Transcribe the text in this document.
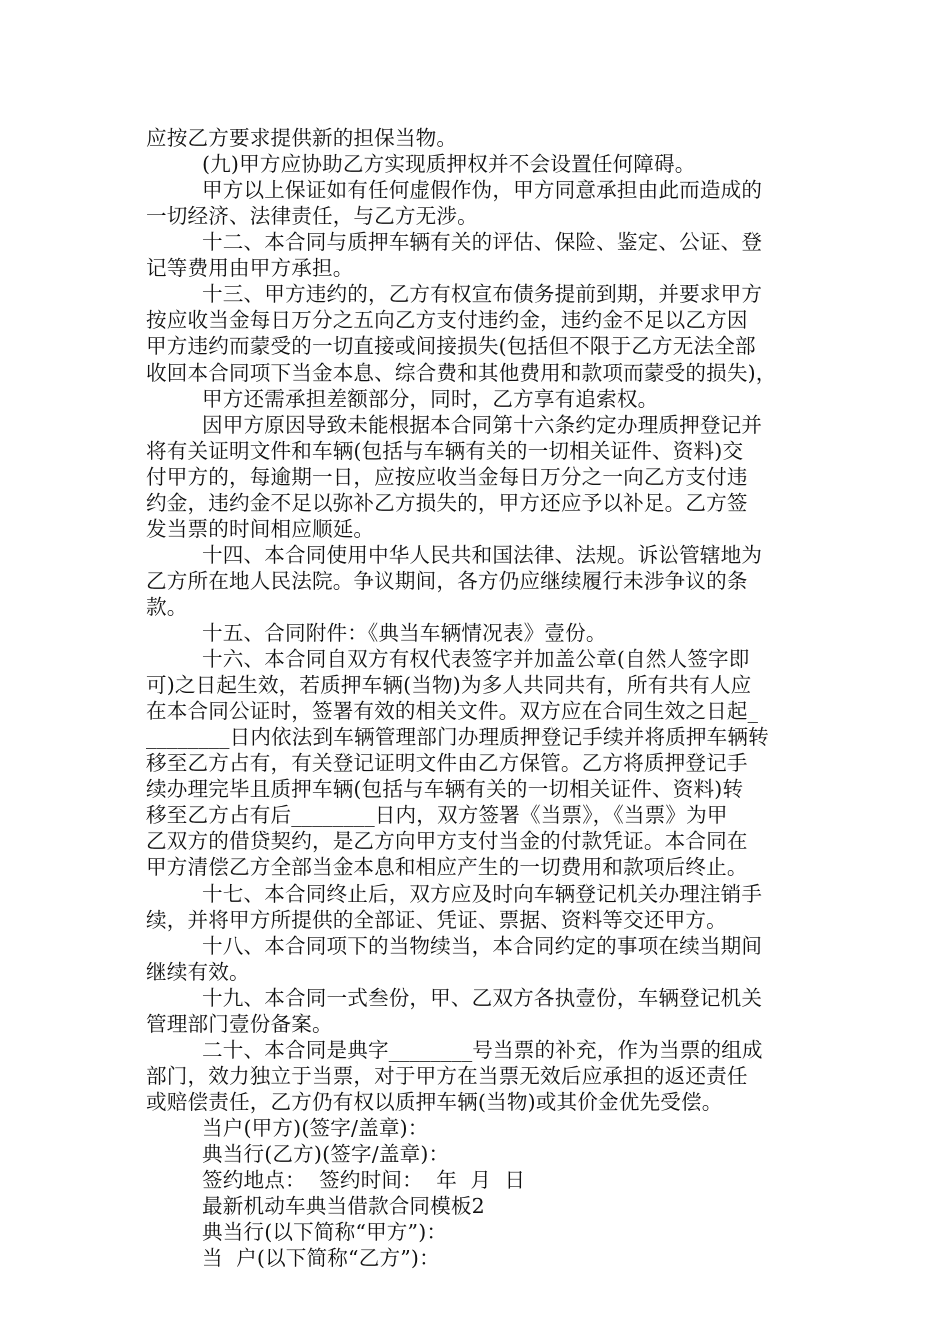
应按乙方要求提供新的担保当物。
(九)甲方应协助乙方实现质押权并不会设置任何障碍。
甲方以上保证如有任何虚假作伪，甲方同意承担由此而造成的
一切经济、法律责任，与乙方无涉。
十二、本合同与质押车辆有关的评估、保险、鉴定、公证、登
记等费用由甲方承担。
十三、甲方违约的，乙方有权宣布债务提前到期，并要求甲方
按应收当金每日万分之五向乙方支付违约金，违约金不足以乙方因
甲方违约而蒙受的一切直接或间接损失(包括但不限于乙方无法全部
收回本合同项下当金本息、综合费和其他费用和款项而蒙受的损失)，
甲方还需承担差额部分，同时，乙方享有追索权。
因甲方原因导致未能根据本合同第十六条约定办理质押登记并
将有关证明文件和车辆(包括与车辆有关的一切相关证件、资料)交
付甲方的，每逾期一日，应按应收当金每日万分之一向乙方支付违
约金，违约金不足以弥补乙方损失的，甲方还应予以补足。乙方签
发当票的时间相应顺延。
十四、本合同使用中华人民共和国法律、法规。诉讼管辖地为
乙方所在地人民法院。争议期间，各方仍应继续履行未涉争议的条
款。
十五、合同附件：《典当车辆情况表》壹份。
十六、本合同自双方有权代表签字并加盖公章(自然人签字即
可)之日起生效，若质押车辆(当物)为多人共同共有，所有共有人应
在本合同公证时，签署有效的相关文件。双方应在合同生效之日起_
________日内依法到车辆管理部门办理质押登记手续并将质押车辆转
移至乙方占有，有关登记证明文件由乙方保管。乙方将质押登记手
续办理完毕且质押车辆(包括与车辆有关的一切相关证件、资料)转
移至乙方占有后________日内，双方签署《当票》，《当票》为甲
乙双方的借贷契约，是乙方向甲方支付当金的付款凭证。本合同在
甲方清偿乙方全部当金本息和相应产生的一切费用和款项后终止。
十七、本合同终止后，双方应及时向车辆登记机关办理注销手
续，并将甲方所提供的全部证、凭证、票据、资料等交还甲方。
十八、本合同项下的当物续当，本合同约定的事项在续当期间
继续有效。
十九、本合同一式叁份，甲、乙双方各执壹份，车辆登记机关
管理部门壹份备案。
二十、本合同是典字________号当票的补充，作为当票的组成
部门，效力独立于当票，对于甲方在当票无效后应承担的返还责任
或赔偿责任，乙方仍有权以质押车辆(当物)或其价金优先受偿。
当户(甲方)(签字/盖章)：
典当行(乙方)(签字/盖章)：
签约地点：  签约时间：  年  月  日
最新机动车典当借款合同模板2
典当行(以下简称“甲方”)：
当  户(以下简称“乙方”)：
